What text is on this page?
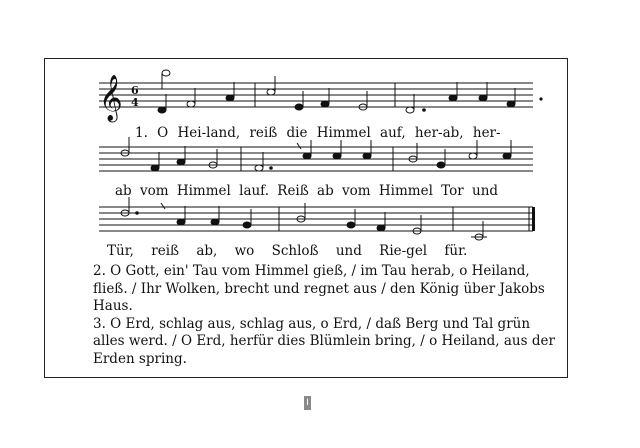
𝄞 6
4
1. O Hei-land, reiß die Himmel auf, her-ab, her-
ab vom Himmel lauf. Reiß ab vom Himmel Tor und
Tür, reiß ab, wo Schloß und Rie-gel für.

2. O Gott, ein' Tau vom Himmel gieß, / im Tau herab, o Heiland, fließ. / Ihr Wolken, brecht und regnet aus / den König über Jakobs Haus.

3. O Erd, schlag aus, schlag aus, o Erd, / daß Berg und Tal grün alles werd. / O Erd, herfür dies Blümlein bring, / o Heiland, aus der Erden spring.

I
